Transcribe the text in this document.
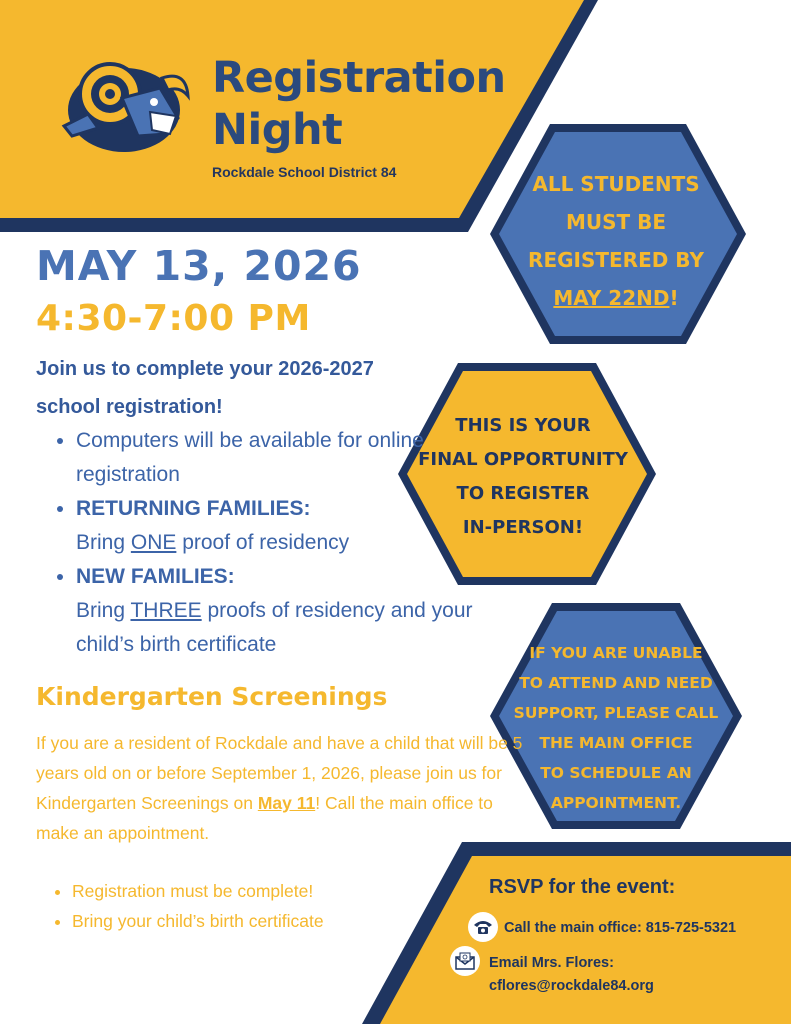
Registration
Night
Rockdale School District 84
MAY 13, 2026
4:30-7:00 PM
Join us to complete your 2026-2027 school registration!
• Computers will be available for online registration
• RETURNING FAMILIES:
Bring ONE proof of residency
• NEW FAMILIES:
Bring THREE proofs of residency and your child’s birth certificate
Kindergarten Screenings
If you are a resident of Rockdale and have a child that will be 5 years old on or before September 1, 2026, please join us for Kindergarten Screenings on May 11! Call the main office to make an appointment.
• Registration must be complete!
• Bring your child’s birth certificate
ALL STUDENTS
MUST BE
REGISTERED BY
MAY 22ND!
THIS IS YOUR
FINAL OPPORTUNITY
TO REGISTER
IN-PERSON!
IF YOU ARE UNABLE
TO ATTEND AND NEED
SUPPORT, PLEASE CALL
THE MAIN OFFICE
TO SCHEDULE AN
APPOINTMENT.
RSVP for the event:
Call the main office: 815-725-5321
Email Mrs. Flores:
cflores@rockdale84.org
